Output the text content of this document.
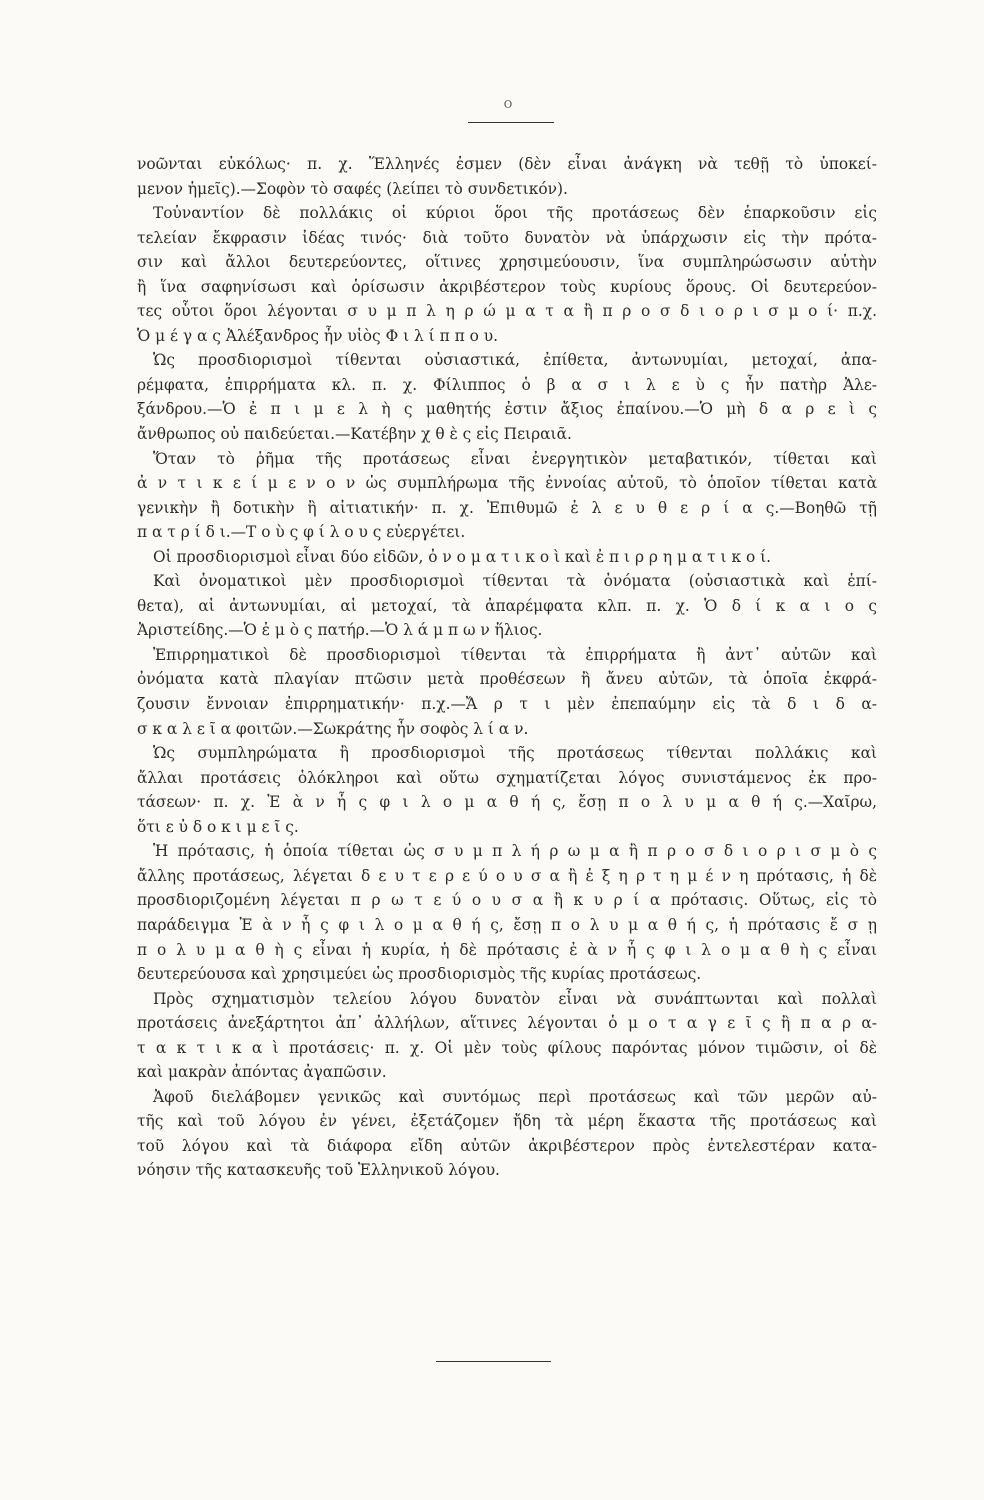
ο
νοῶνται εὐκόλως· π. χ. Ἕλληνές ἐσμεν (δὲν εἶναι ἀνάγκη νὰ τεθῇ τὸ ὑποκεί-
μενον ἡμεῖς).—Σοφὸν τὸ σαφές (λείπει τὸ συνδετικόν).
Τοὐναντίον δὲ πολλάκις οἱ κύριοι ὅροι τῆς προτάσεως δὲν ἐπαρκοῦσιν εἰς
τελείαν ἔκφρασιν ἰδέας τινός· διὰ τοῦτο δυνατὸν νὰ ὑπάρχωσιν εἰς τὴν πρότα-
σιν καὶ ἄλλοι δευτερεύοντες, οἵτινες χρησιμεύουσιν, ἵνα συμπληρώσωσιν αὐτὴν
ἢ ἵνα σαφηνίσωσι καὶ ὁρίσωσιν ἀκριβέστερον τοὺς κυρίους ὅρους. Οἱ δευτερεύον-
τες οὗτοι ὅροι λέγονται σ υ μ π λ η ρ ώ μ α τ α ἢ π ρ ο σ δ ι ο ρ ι σ μ ο ί· π.χ.
Ὁ μ έ γ α ς Ἀλέξανδρος ἦν υἱὸς Φ ι λ ί π π ο υ.
Ὡς προσδιορισμοὶ τίθενται οὐσιαστικά, ἐπίθετα, ἀντωνυμίαι, μετοχαί, ἀπα-
ρέμφατα, ἐπιρρήματα κλ. π. χ. Φίλιππος ὁ β α σ ι λ ε ὺ ς ἦν πατὴρ Ἀλε-
ξάνδρου.—Ὁ ἐ π ι μ ε λ ὴ ς μαθητής ἐστιν ἄξιος ἐπαίνου.—Ὁ μὴ δ α ρ ε ὶ ς
ἄνθρωπος οὐ παιδεύεται.—Κατέβην χ θ ὲ ς εἰς Πειραιᾶ.
Ὅταν τὸ ῥῆμα τῆς προτάσεως εἶναι ἐνεργητικὸν μεταβατικόν, τίθεται καὶ
ἀ ν τ ι κ ε ί μ ε ν ο ν ὡς συμπλήρωμα τῆς ἐννοίας αὐτοῦ, τὸ ὁποῖον τίθεται κατὰ
γενικὴν ἢ δοτικὴν ἢ αἰτιατικήν· π. χ. Ἐπιθυμῶ ἐ λ ε υ θ ε ρ ί α ς.—Βοηθῶ τῇ
π α τ ρ ί δ ι.—Τ ο ὺ ς φ ί λ ο υ ς εὐεργέτει.
Οἱ προσδιορισμοὶ εἶναι δύο εἰδῶν, ὀ ν ο μ α τ ι κ ο ὶ καὶ ἐ π ι ρ ρ η μ α τ ι κ ο ί.
Καὶ ὀνοματικοὶ μὲν προσδιορισμοὶ τίθενται τὰ ὀνόματα (οὐσιαστικὰ καὶ ἐπί-
θετα), αἱ ἀντωνυμίαι, αἱ μετοχαί, τὰ ἀπαρέμφατα κλπ. π. χ. Ὁ δ ί κ α ι ο ς
Ἀριστείδης.—Ὁ ἐ μ ὸ ς πατήρ.—Ὁ λ ά μ π ω ν ἥλιος.
Ἐπιρρηματικοὶ δὲ προσδιορισμοὶ τίθενται τὰ ἐπιρρήματα ἢ ἀντ᾽ αὐτῶν καὶ
ὀνόματα κατὰ πλαγίαν πτῶσιν μετὰ προθέσεων ἢ ἄνευ αὐτῶν, τὰ ὁποῖα ἐκφρά-
ζουσιν ἔννοιαν ἐπιρρηματικήν· π.χ.—Ἄ ρ τ ι μὲν ἐπεπαύμην εἰς τὰ δ ι δ α-
σ κ α λ ε ῖ α φοιτῶν.—Σωκράτης ἦν σοφὸς λ ί α ν.
Ὡς συμπληρώματα ἢ προσδιορισμοὶ τῆς προτάσεως τίθενται πολλάκις καὶ
ἄλλαι προτάσεις ὁλόκληροι καὶ οὕτω σχηματίζεται λόγος συνιστάμενος ἐκ προ-
τάσεων· π. χ. Ἐ ὰ ν ἧ ς φ ι λ ο μ α θ ή ς, ἔσῃ π ο λ υ μ α θ ή ς.—Χαῖρω,
ὅτι ε ὐ δ ο κ ι μ ε ῖ ς.
Ἡ πρότασις, ἡ ὁποία τίθεται ὡς σ υ μ π λ ή ρ ω μ α ἢ π ρ ο σ δ ι ο ρ ι σ μ ὸ ς
ἄλλης προτάσεως, λέγεται δ ε υ τ ε ρ ε ύ ο υ σ α ἢ ἐ ξ η ρ τ η μ έ ν η πρότασις, ἡ δὲ
προσδιοριζομένη λέγεται π ρ ω τ ε ύ ο υ σ α ἢ κ υ ρ ί α πρότασις. Οὕτως, εἰς τὸ
παράδειγμα Ἐ ὰ ν ἧ ς φ ι λ ο μ α θ ή ς, ἔσῃ π ο λ υ μ α θ ή ς, ἡ πρότασις ἔ σ ῃ
π ο λ υ μ α θ ὴ ς εἶναι ἡ κυρία, ἡ δὲ πρότασις ἐ ὰ ν ἧ ς φ ι λ ο μ α θ ὴ ς εἶναι
δευτερεύουσα καὶ χρησιμεύει ὡς προσδιορισμὸς τῆς κυρίας προτάσεως.
Πρὸς σχηματισμὸν τελείου λόγου δυνατὸν εἶναι νὰ συνάπτωνται καὶ πολλαὶ
προτάσεις ἀνεξάρτητοι ἀπ᾽ ἀλλήλων, αἵτινες λέγονται ὁ μ ο τ α γ ε ῖ ς ἢ π α ρ α-
τ α κ τ ι κ α ὶ προτάσεις· π. χ. Οἱ μὲν τοὺς φίλους παρόντας μόνον τιμῶσιν, οἱ δὲ
καὶ μακρὰν ἀπόντας ἀγαπῶσιν.
Ἀφοῦ διελάβομεν γενικῶς καὶ συντόμως περὶ προτάσεως καὶ τῶν μερῶν αὐ-
τῆς καὶ τοῦ λόγου ἐν γένει, ἐξετάζομεν ἤδη τὰ μέρη ἕκαστα τῆς προτάσεως καὶ
τοῦ λόγου καὶ τὰ διάφορα εἴδη αὐτῶν ἀκριβέστερον πρὸς ἐντελεστέραν κατα-
νόησιν τῆς κατασκευῆς τοῦ Ἑλληνικοῦ λόγου.
